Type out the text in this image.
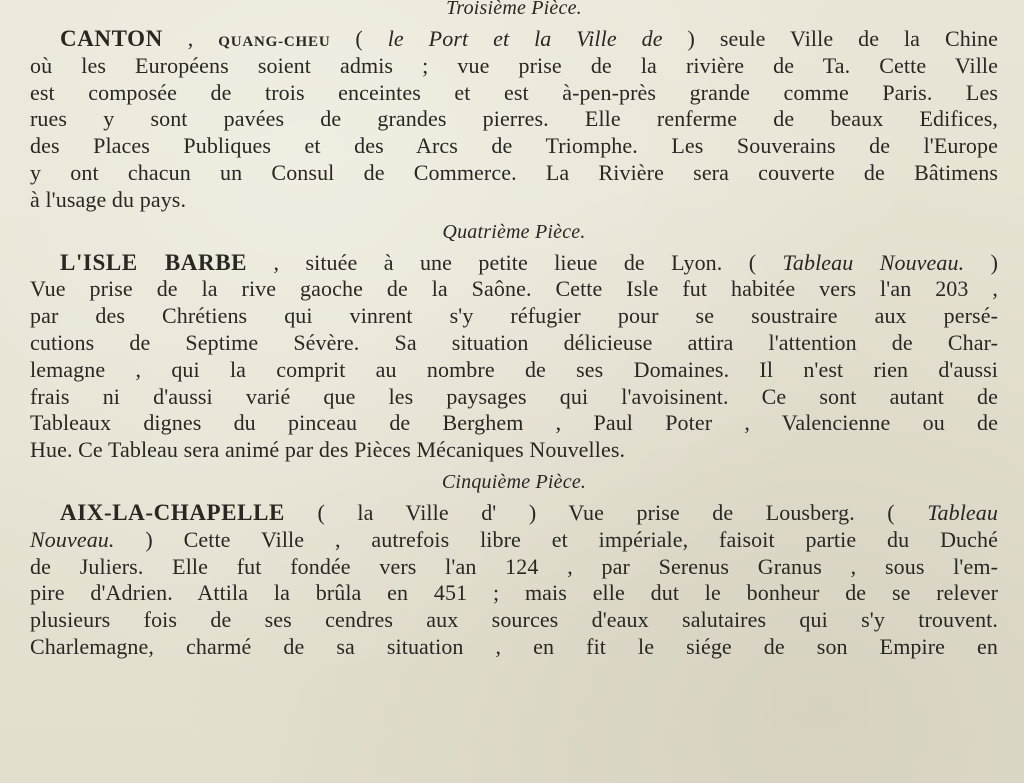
Troisième Pièce.
CANTON , QUANG-CHEU ( le Port et la Ville de ) seule Ville de la Chine
où les Européens soient admis ; vue prise de la rivière de Ta. Cette Ville
est composée de trois enceintes et est à-pen-près grande comme Paris. Les
rues y sont pavées de grandes pierres. Elle renferme de beaux Edifices,
des Places Publiques et des Arcs de Triomphe. Les Souverains de l'Europe
y ont chacun un Consul de Commerce. La Rivière sera couverte de Bâtimens
à l'usage du pays.
Quatrième Pièce.
L'ISLE BARBE , située à une petite lieue de Lyon. ( Tableau Nouveau. )
Vue prise de la rive gaoche de la Saône. Cette Isle fut habitée vers l'an 203 ,
par des Chrétiens qui vinrent s'y réfugier pour se soustraire aux persé-
cutions de Septime Sévère. Sa situation délicieuse attira l'attention de Char-
lemagne , qui la comprit au nombre de ses Domaines. Il n'est rien d'aussi
frais ni d'aussi varié que les paysages qui l'avoisinent. Ce sont autant de
Tableaux dignes du pinceau de Berghem , Paul Poter , Valencienne ou de
Hue. Ce Tableau sera animé par des Pièces Mécaniques Nouvelles.
Cinquième Pièce.
AIX-LA-CHAPELLE ( la Ville d' ) Vue prise de Lousberg. ( Tableau
Nouveau. ) Cette Ville , autrefois libre et impériale, faisoit partie du Duché
de Juliers. Elle fut fondée vers l'an 124 , par Serenus Granus , sous l'em-
pire d'Adrien. Attila la brûla en 451 ; mais elle dut le bonheur de se relever
plusieurs fois de ses cendres aux sources d'eaux salutaires qui s'y trouvent.
Charlemagne, charmé de sa situation , en fit le siége de son Empire en
